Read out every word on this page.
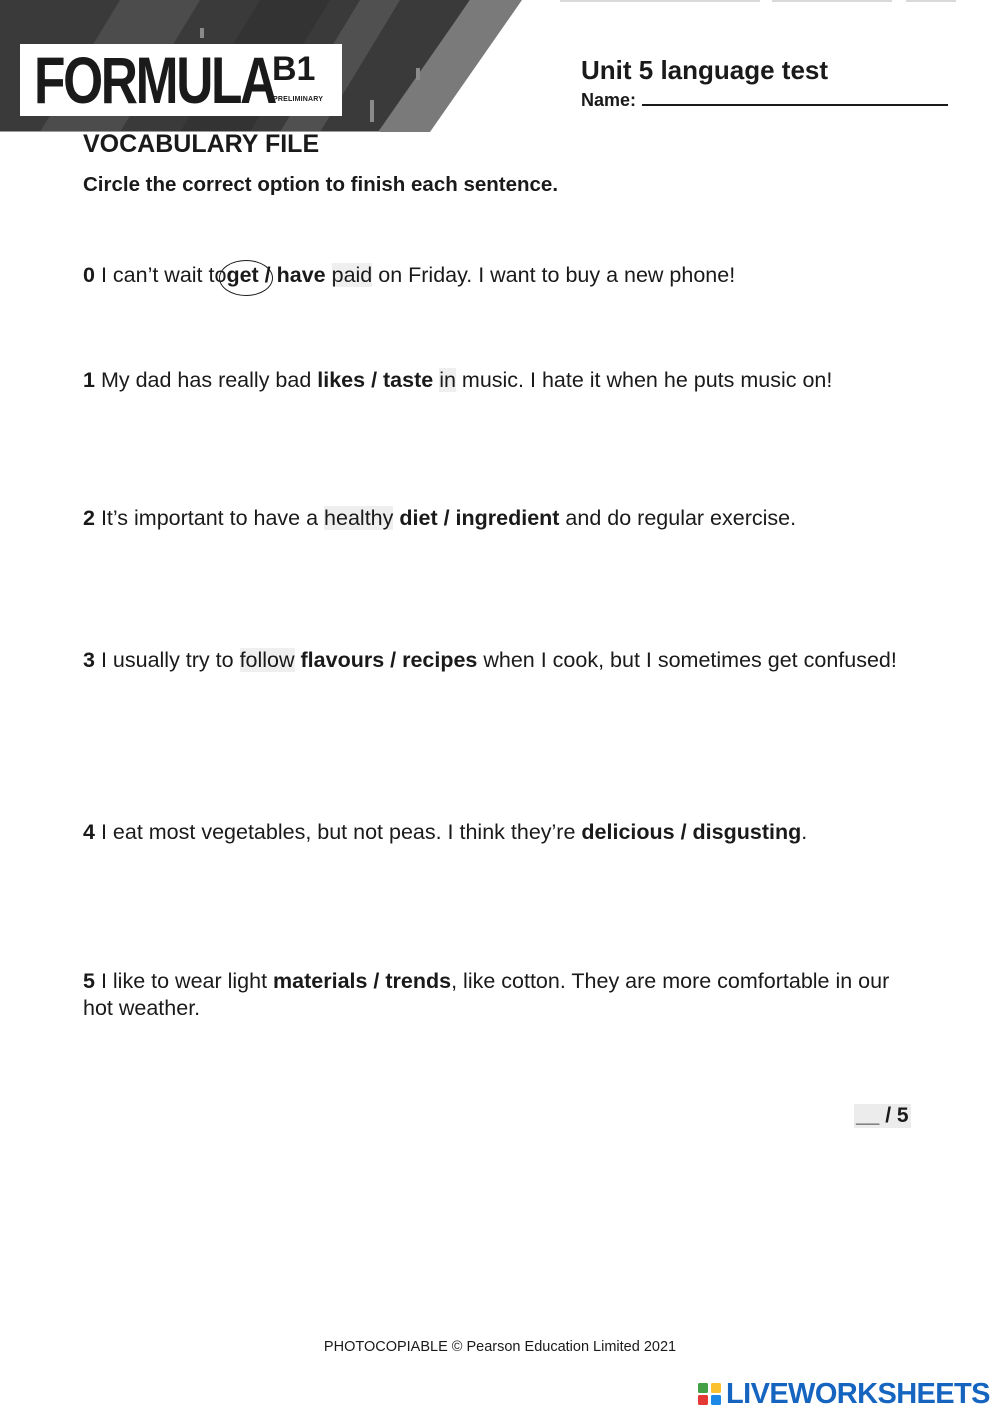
FORMULA
B1
PRELIMINARY
Unit 5 language test
Name:
VOCABULARY FILE
Circle the correct option to finish each sentence.
0 I can’t wait to
get / have paid on Friday. I want to buy a new phone!
1 My dad has really bad likes / taste in music. I hate it when he puts music on!
2 It’s important to have a healthy diet / ingredient and do regular exercise.
3 I usually try to follow flavours / recipes when I cook, but I sometimes get confused!
4 I eat most vegetables, but not peas. I think they’re delicious / disgusting.
5 I like to wear light materials / trends, like cotton. They are more comfortable in our hot weather.
__ / 5
PHOTOCOPIABLE © Pearson Education Limited 2021
LIVEWORKSHEETS
